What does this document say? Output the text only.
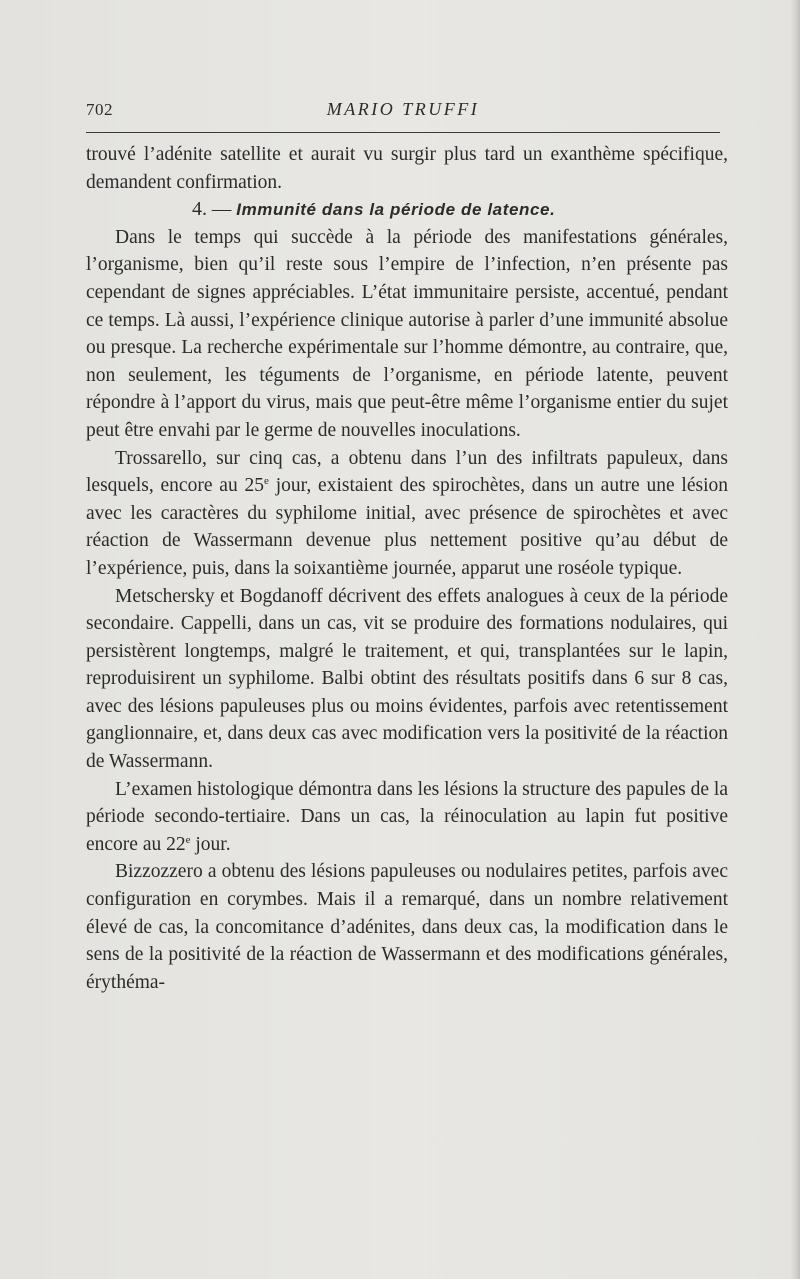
702	MARIO TRUFFI

trouvé l’adénite satellite et aurait vu surgir plus tard un exanthème spécifique, demandent confirmation.

4. — Immunité dans la période de latence.

Dans le temps qui succède à la période des manifestations générales, l’organisme, bien qu’il reste sous l’empire de l’infection, n’en présente pas cependant de signes appréciables. L’état immunitaire persiste, accentué, pendant ce temps. Là aussi, l’expérience clinique autorise à parler d’une immunité absolue ou presque. La recherche expérimentale sur l’homme démontre, au contraire, que, non seulement, les téguments de l’organisme, en période latente, peuvent répondre à l’apport du virus, mais que peut-être même l’organisme entier du sujet peut être envahi par le germe de nouvelles inoculations.

Trossarello, sur cinq cas, a obtenu dans l’un des infiltrats papuleux, dans lesquels, encore au 25e jour, existaient des spirochètes, dans un autre une lésion avec les caractères du syphilome initial, avec présence de spirochètes et avec réaction de Wassermann devenue plus nettement positive qu’au début de l’expérience, puis, dans la soixantième journée, apparut une roséole typique.

Metschersky et Bogdanoff décrivent des effets analogues à ceux de la période secondaire. Cappelli, dans un cas, vit se produire des formations nodulaires, qui persistèrent longtemps, malgré le traitement, et qui, transplantées sur le lapin, reproduisirent un syphilome. Balbi obtint des résultats positifs dans 6 sur 8 cas, avec des lésions papuleuses plus ou moins évidentes, parfois avec retentissement ganglionnaire, et, dans deux cas avec modification vers la positivité de la réaction de Wassermann.

L’examen histologique démontra dans les lésions la structure des papules de la période secondo-tertiaire. Dans un cas, la réinoculation au lapin fut positive encore au 22e jour.

Bizzozzero a obtenu des lésions papuleuses ou nodulaires petites, parfois avec configuration en corymbes. Mais il a remarqué, dans un nombre relativement élevé de cas, la concomitance d’adénites, dans deux cas, la modification dans le sens de la positivité de la réaction de Wassermann et des modifications générales, érythéma-
